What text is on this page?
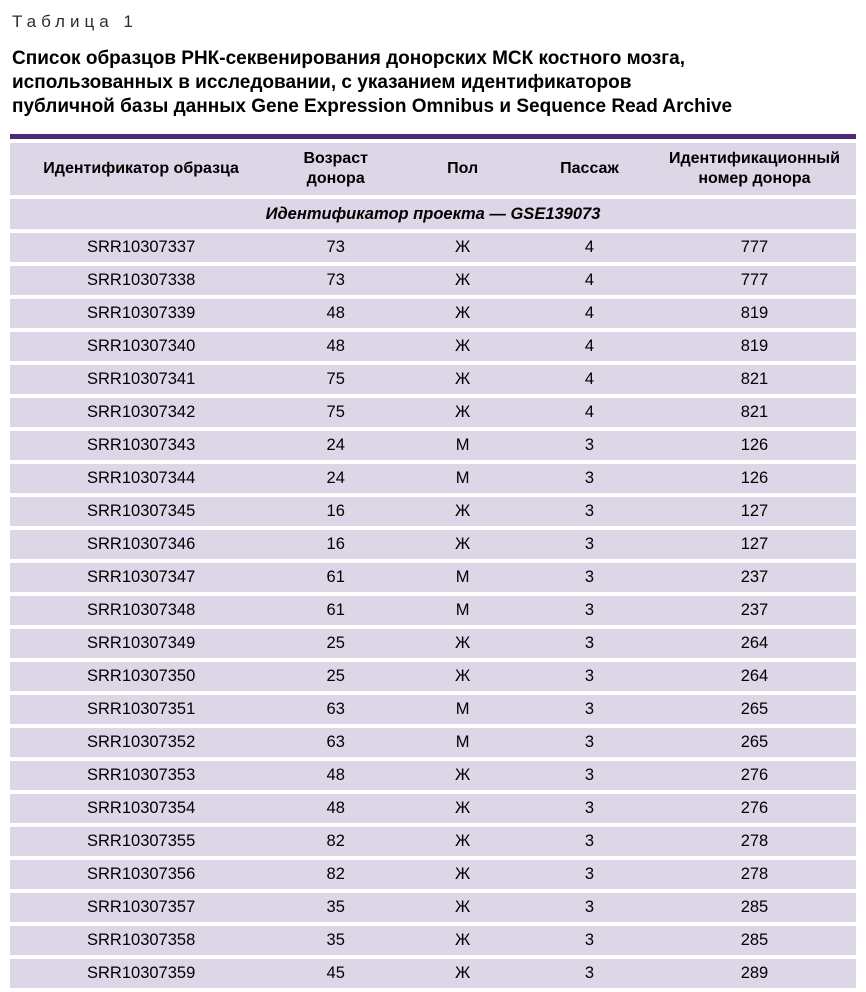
Таблица 1
Список образцов РНК-секвенирования донорских МСК костного мозга,
использованных в исследовании, с указанием идентификаторов
публичной базы данных Gene Expression Omnibus и Sequence Read Archive
Идентификатор образца	Возраст донора	Пол	Пассаж	Идентификационный номер донора
Идентификатор проекта — GSE139073				
SRR10307337	73	Ж	4	777
SRR10307338	73	Ж	4	777
SRR10307339	48	Ж	4	819
SRR10307340	48	Ж	4	819
SRR10307341	75	Ж	4	821
SRR10307342	75	Ж	4	821
SRR10307343	24	М	3	126
SRR10307344	24	М	3	126
SRR10307345	16	Ж	3	127
SRR10307346	16	Ж	3	127
SRR10307347	61	М	3	237
SRR10307348	61	М	3	237
SRR10307349	25	Ж	3	264
SRR10307350	25	Ж	3	264
SRR10307351	63	М	3	265
SRR10307352	63	М	3	265
SRR10307353	48	Ж	3	276
SRR10307354	48	Ж	3	276
SRR10307355	82	Ж	3	278
SRR10307356	82	Ж	3	278
SRR10307357	35	Ж	3	285
SRR10307358	35	Ж	3	285
SRR10307359	45	Ж	3	289
